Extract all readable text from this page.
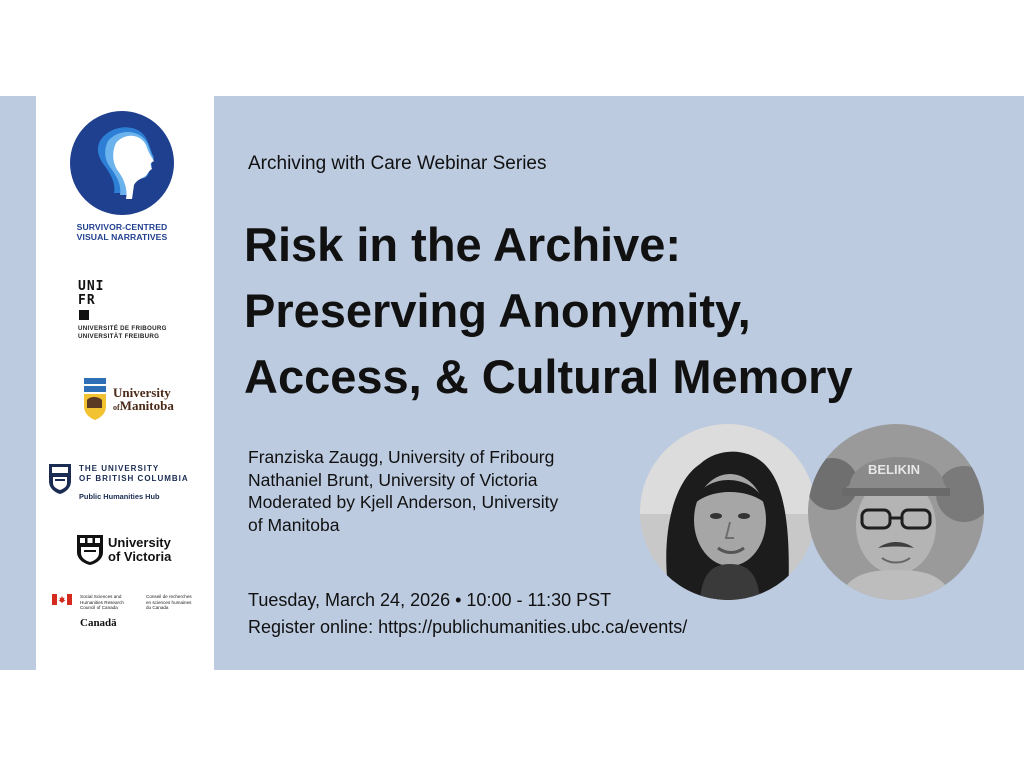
SURVIVOR-CENTRED
VISUAL NARRATIVES
UNI
FR
UNIVERSITÉ DE FRIBOURG
UNIVERSITÄT FREIBURG
University
ofManitoba
THE UNIVERSITY
OF BRITISH COLUMBIA
Public Humanities Hub
University
of Victoria
Social Sciences and
Humanities Research
Council of Canada
Conseil de recherches
en sciences humaines
du Canada
Canadä
Archiving with Care Webinar Series
Risk in the Archive:
Preserving Anonymity,
Access, & Cultural Memory
Franziska Zaugg, University of Fribourg
Nathaniel Brunt, University of Victoria
Moderated by Kjell Anderson, University
of Manitoba
BELIKIN
Tuesday, March 24, 2026 • 10:00 - 11:30 PST
Register online: https://publichumanities.ubc.ca/events/
